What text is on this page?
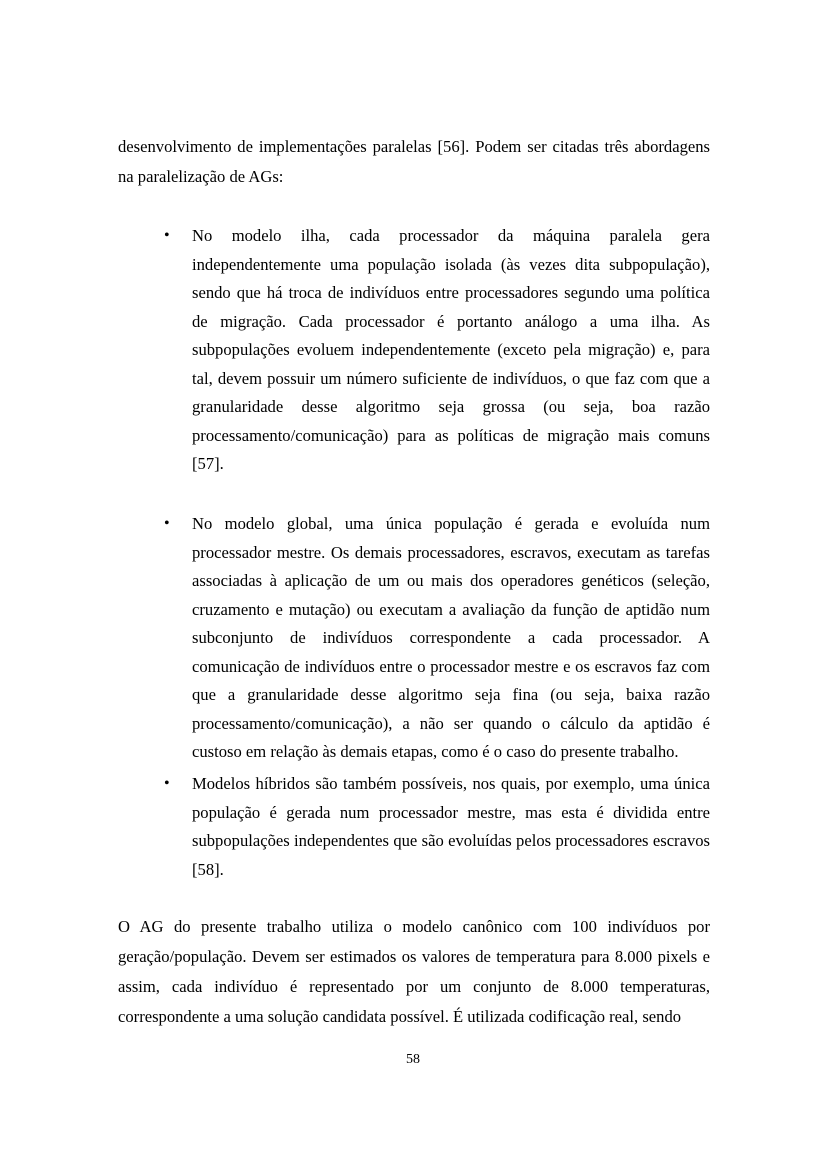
desenvolvimento de implementações paralelas [56]. Podem ser citadas três abordagens na paralelização de AGs:

•	No modelo ilha, cada processador da máquina paralela gera independentemente uma população isolada (às vezes dita subpopulação), sendo que há troca de indivíduos entre processadores segundo uma política de migração. Cada processador é portanto análogo a uma ilha. As subpopulações evoluem independentemente (exceto pela migração) e, para tal, devem possuir um número suficiente de indivíduos, o que faz com que a granularidade desse algoritmo seja grossa (ou seja, boa razão processamento/comunicação) para as políticas de migração mais comuns [57].
•	No modelo global, uma única população é gerada e evoluída num processador mestre. Os demais processadores, escravos, executam as tarefas associadas à aplicação de um ou mais dos operadores genéticos (seleção, cruzamento e mutação) ou executam a avaliação da função de aptidão num subconjunto de indivíduos correspondente a cada processador. A comunicação de indivíduos entre o processador mestre e os escravos faz com que a granularidade desse algoritmo seja fina (ou seja, baixa razão processamento/comunicação), a não ser quando o cálculo da aptidão é custoso em relação às demais etapas, como é o caso do presente trabalho.
•	Modelos híbridos são também possíveis, nos quais, por exemplo, uma única população é gerada num processador mestre, mas esta é dividida entre subpopulações independentes que são evoluídas pelos processadores escravos [58].

O AG do presente trabalho utiliza o modelo canônico com 100 indivíduos por geração/população. Devem ser estimados os valores de temperatura para 8.000 pixels e assim, cada indivíduo é representado por um conjunto de 8.000 temperaturas, correspondente a uma solução candidata possível. É utilizada codificação real, sendo

58
